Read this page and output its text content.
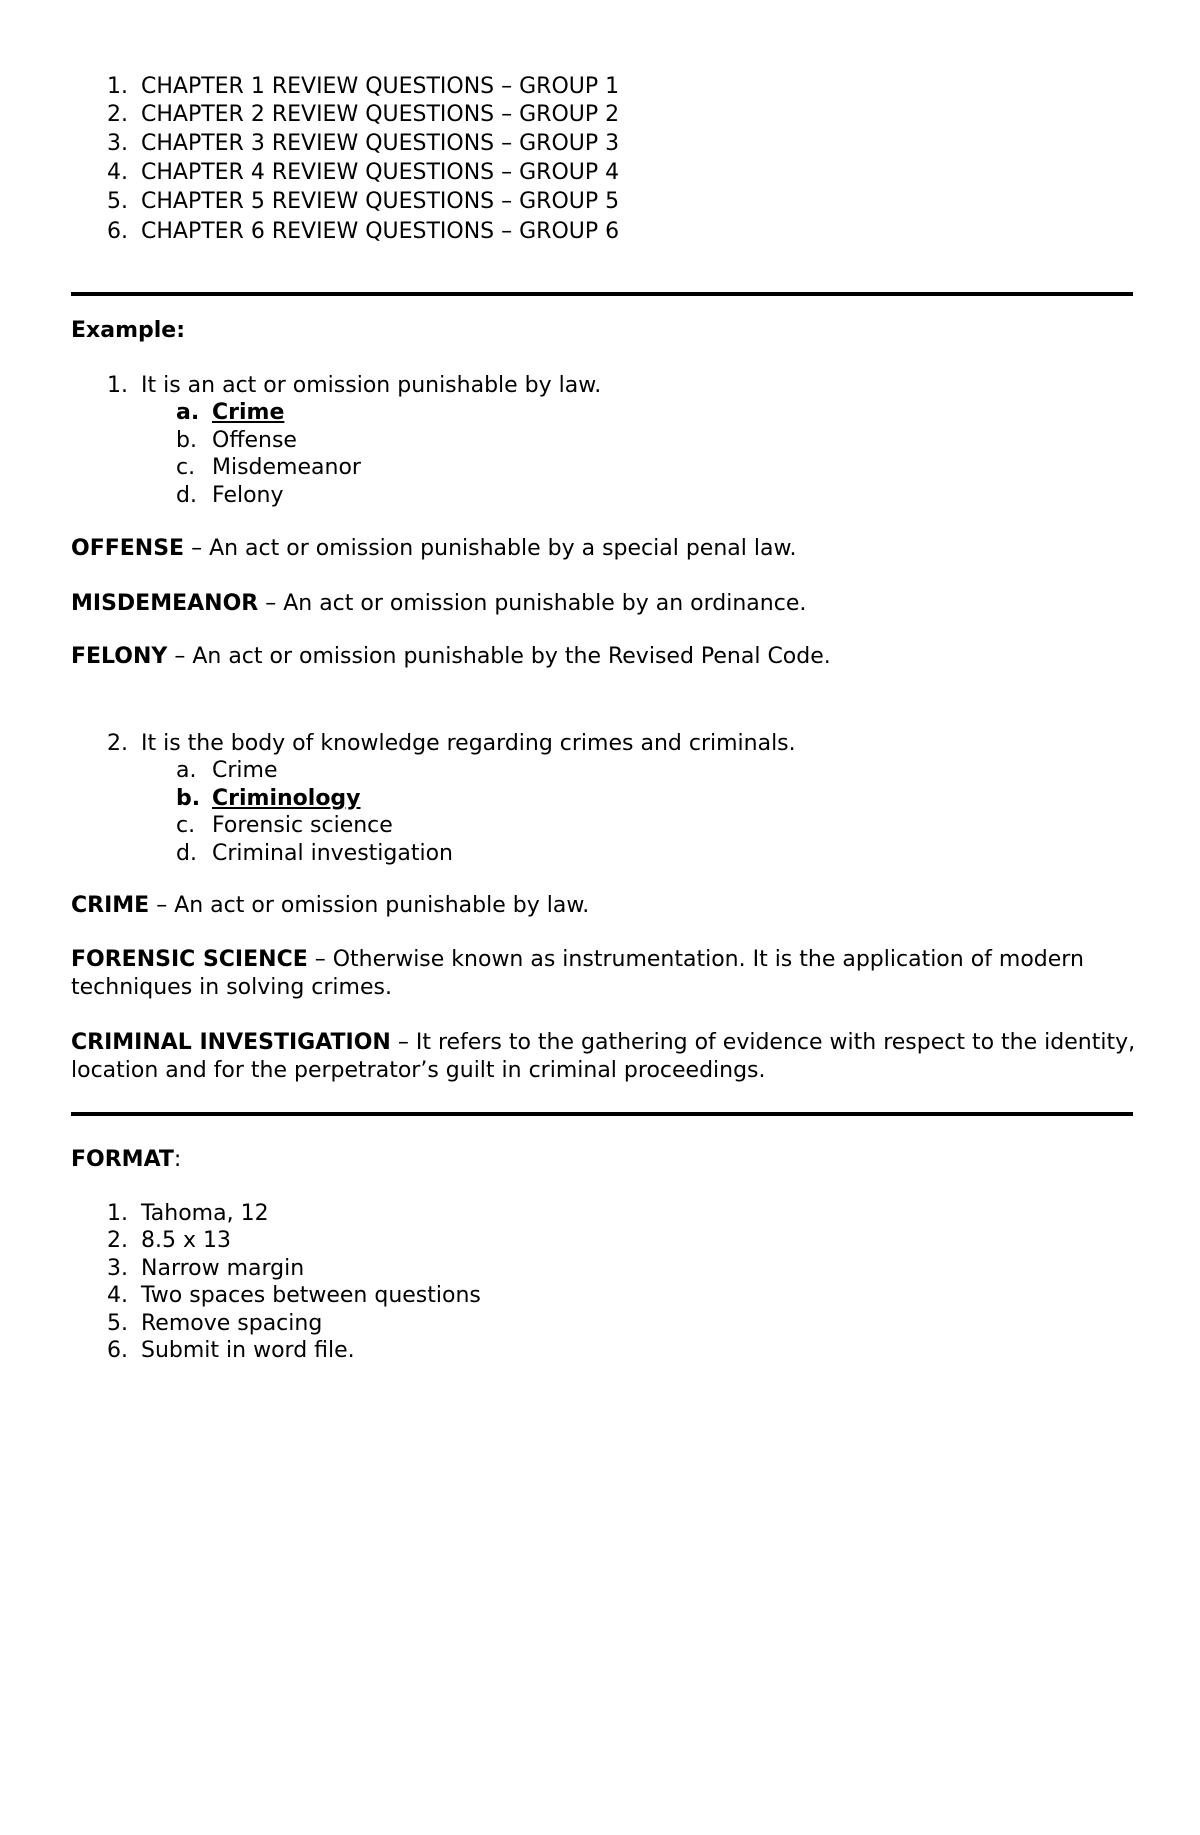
1. CHAPTER 1 REVIEW QUESTIONS – GROUP 1
2. CHAPTER 2 REVIEW QUESTIONS – GROUP 2
3. CHAPTER 3 REVIEW QUESTIONS – GROUP 3
4. CHAPTER 4 REVIEW QUESTIONS – GROUP 4
5. CHAPTER 5 REVIEW QUESTIONS – GROUP 5
6. CHAPTER 6 REVIEW QUESTIONS – GROUP 6
Example:
1. It is an act or omission punishable by law.
a. Crime
b. Offense
c. Misdemeanor
d. Felony
OFFENSE – An act or omission punishable by a special penal law.
MISDEMEANOR – An act or omission punishable by an ordinance.
FELONY – An act or omission punishable by the Revised Penal Code.
2. It is the body of knowledge regarding crimes and criminals.
a. Crime
b. Criminology
c. Forensic science
d. Criminal investigation
CRIME – An act or omission punishable by law.
FORENSIC SCIENCE – Otherwise known as instrumentation. It is the application of modern techniques in solving crimes.
CRIMINAL INVESTIGATION – It refers to the gathering of evidence with respect to the identity, location and for the perpetrator’s guilt in criminal proceedings.
FORMAT:
1. Tahoma, 12
2. 8.5 x 13
3. Narrow margin
4. Two spaces between questions
5. Remove spacing
6. Submit in word file.
